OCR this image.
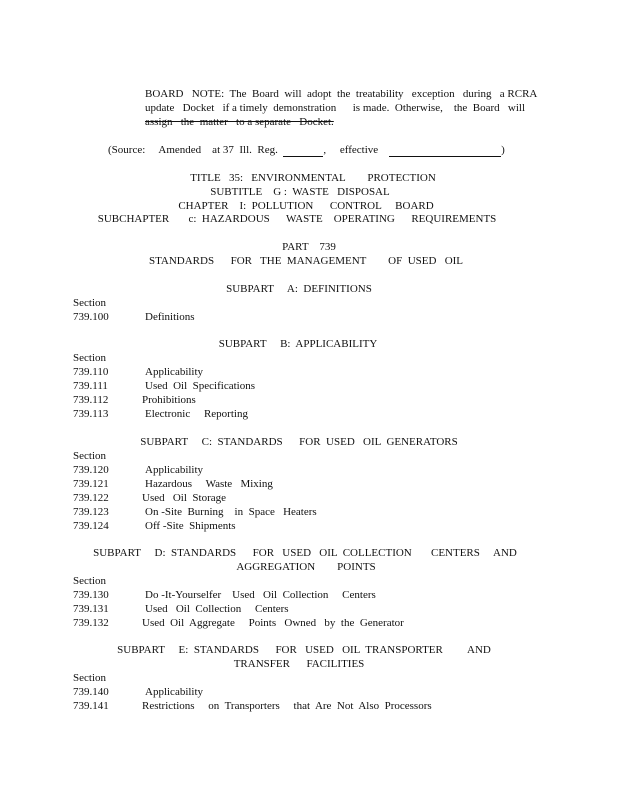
BOARD   NOTE:  The  Board  will  adopt  the  treatability   exception   during   a RCRA
update   Docket   if a timely  demonstration      is made.  Otherwise,    the  Board   will
assign   the  matter   to a separate   Docket.
(Source: Amended    at 37  Ill.  Reg.	,     effective	)
TITLE   35:   ENVIRONMENTAL        PROTECTION
SUBTITLE    G :  WASTE   DISPOSAL
CHAPTER    I:  POLLUTION      CONTROL     BOARD
SUBCHAPTER       c:  HAZARDOUS      WASTE    OPERATING      REQUIREMENTS
PART    739
STANDARDS      FOR   THE  MANAGEMENT        OF  USED   OIL
SUBPART     A:  DEFINITIONS
Section
739.100	Definitions
SUBPART     B:  APPLICABILITY
Section
739.110	Applicability
739.111	Used  Oil  Specifications
739.112	Prohibitions
739.113	Electronic     Reporting
SUBPART     C:  STANDARDS      FOR  USED   OIL  GENERATORS
Section
739.120	Applicability
739.121	Hazardous     Waste   Mixing
739.122	Used   Oil  Storage
739.123	On -Site  Burning    in  Space   Heaters
739.124	Off -Site  Shipments
SUBPART     D:  STANDARDS      FOR   USED   OIL  COLLECTION       CENTERS     AND
AGGREGATION        POINTS
Section
739.130	Do -It-Yourselfer    Used   Oil  Collection     Centers
739.131	Used   Oil  Collection     Centers
739.132	Used  Oil  Aggregate     Points   Owned   by  the  Generator
SUBPART     E:  STANDARDS      FOR   USED   OIL  TRANSPORTER         AND
TRANSFER      FACILITIES
Section
739.140	Applicability
739.141	Restrictions     on  Transporters     that  Are  Not  Also  Processors
